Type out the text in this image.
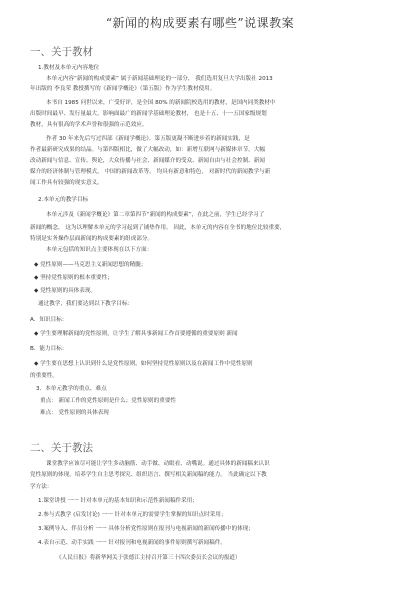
“新闻的构成要素有哪些”说课教案
一、关于教材
1.教材及本单元内容地位
本单元内容“新闻的构成要素” 属于新闻基础理论的一部分， 我们选用复旦大学出版社 2013
年出版的 李良荣 教授撰写的《新闻学概论》（第五版）作为学生教材使用。
本书自 1985 问世以来，广受好评，是全国 80% 的新闻院校选用的教材，是国内同类教材中
出版时间最早、发行量最大，影响面最广的新闻学基础理论教材， 也是十五、十一五国家级规划
教材，具有很高的学术声誉和很强的示范效应。
作者 30 年来先后写过四部《新闻学概论》，第五版更凝不断进步着的新闻实践，是
作者最新研究成果的结晶。与第四版相比，做了大幅改动，如：新增互联网与新媒体章节，大幅
改动新闻与信息、宣传、舆论，大众传播与社会、新闻媒介的受众、新闻自由与社会控制、新闻
媒介的经济体制与管理模式， 中国的新闻改革等。 均具有新意和特色， 对新时代的新闻教学与新
闻工作具有较强的现实意义。
2.本单元的教学目标
本单元涉及《新闻学概论》第二章第四节“新闻的构成要素”，在此之前，学生已经学习了
新闻的概念， 这为以理解本单元的学习起到了铺垫作用。 因此，本单元的内容在全书的地位比较重要，
特别是实务操作层面新闻的构成要素的组成部分。
本单元包括的知识点主要体现在以下方面：
◆ 党性原则——马克思主义新闻思想的精髓；
◆ 坚持党性原则的根本重要性；
◆ 党性原则的具体表现。
通过教学，我们要达到以下教学目标：
A．知识目标：
◆ 学生要理解新闻的党性原则，让学生了解具事新闻工作首要遵循的重要原则 新闻
B．能力目标：
◆ 学生要在思想上认识到什么是党性原则，如何坚持党性原则以及在新闻工作中党性原则
的重要性。
3．本单元教学的重点、难点
重点： 新闻工作的党性原则是什么；党性原则的重要性
难点： 党性原则的具体表现
二、关于教法
课堂教学应该尽可能让学生多动脑筋、动手做、动眼看、动嘴说。通过具体的新闻稿来认识
党性原则的体现，培养学生自主思考探究、组织语言、撰写相关新闻稿的能力。 当此确定以下教
学方法：
1.课堂讲授 一一 针对本单元的基本知识和示范性新闻稿件采用；
2.参与式教学 (启发讨论) 一一 针对本单元的需要学生掌握的知识点时采用；
3.案例导入、伴员分析 一一 具体分析党性原则在报刊与电视新闻的新闻传播中的体现；
4.表自示范、动手实践 一一 针对报刊和电视新闻的事件原则撰写新闻稿件。
《人民日报》将新华网关于张德江主持召开第三十四次委员长会议的报道）
